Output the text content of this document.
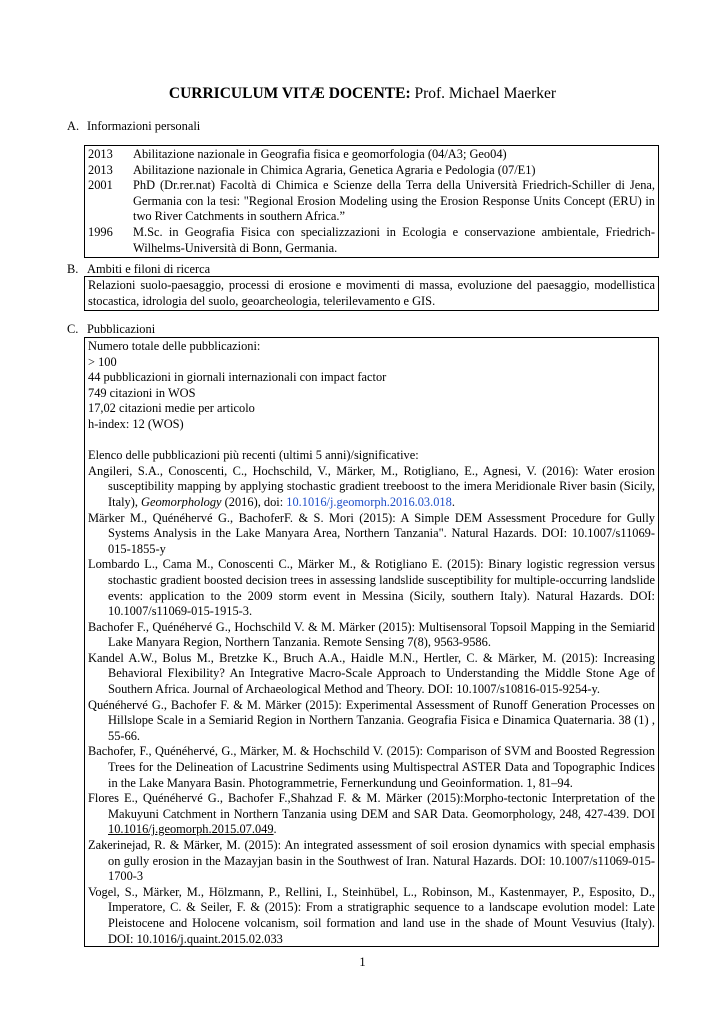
CURRICULUM VITÆ DOCENTE: Prof. Michael Maerker
A. Informazioni personali
2013	Abilitazione nazionale in Geografia fisica e geomorfologia (04/A3; Geo04)
2013	Abilitazione nazionale in Chimica Agraria, Genetica Agraria e Pedologia (07/E1)
2001	PhD (Dr.rer.nat) Facoltà di Chimica e Scienze della Terra della Università Friedrich-Schiller di Jena, Germania con la tesi: "Regional Erosion Modeling using the Erosion Response Units Concept (ERU) in two River Catchments in southern Africa.”
1996	M.Sc. in Geografia Fisica con specializzazioni in Ecologia e conservazione ambientale, Friedrich-Wilhelms-Università di Bonn, Germania.
B. Ambiti e filoni di ricerca
Relazioni suolo-paesaggio, processi di erosione e movimenti di massa, evoluzione del paesaggio, modellistica stocastica, idrologia del suolo, geoarcheologia, telerilevamento e GIS.
C. Pubblicazioni
Numero totale delle pubblicazioni:
> 100
44 pubblicazioni in giornali internazionali con impact factor
749 citazioni in WOS
17,02 citazioni medie per articolo
h-index: 12 (WOS)
Elenco delle pubblicazioni più recenti (ultimi 5 anni)/significative:
Angileri, S.A., Conoscenti, C., Hochschild, V., Märker, M., Rotigliano, E., Agnesi, V. (2016): Water erosion susceptibility mapping by applying stochastic gradient treeboost to the imera Meridionale River basin (Sicily, Italy), Geomorphology (2016), doi: 10.1016/j.geomorph.2016.03.018.
Märker M., Quénéhervé G., BachoferF. & S. Mori (2015): A Simple DEM Assessment Procedure for Gully Systems Analysis in the Lake Manyara Area, Northern Tanzania". Natural Hazards. DOI: 10.1007/s11069-015-1855-y
Lombardo L., Cama M., Conoscenti C., Märker M., & Rotigliano E. (2015): Binary logistic regression versus stochastic gradient boosted decision trees in assessing landslide susceptibility for multiple-occurring landslide events: application to the 2009 storm event in Messina (Sicily, southern Italy). Natural Hazards. DOI: 10.1007/s11069-015-1915-3.
Bachofer F., Quénéhervé G., Hochschild V. & M. Märker (2015): Multisensoral Topsoil Mapping in the Semiarid Lake Manyara Region, Northern Tanzania. Remote Sensing 7(8), 9563-9586.
Kandel A.W., Bolus M., Bretzke K., Bruch A.A., Haidle M.N., Hertler, C. & Märker, M. (2015): Increasing Behavioral Flexibility? An Integrative Macro-Scale Approach to Understanding the Middle Stone Age of Southern Africa. Journal of Archaeological Method and Theory. DOI: 10.1007/s10816-015-9254-y.
Quénéhervé G., Bachofer F. & M. Märker (2015): Experimental Assessment of Runoff Generation Processes on Hillslope Scale in a Semiarid Region in Northern Tanzania. Geografia Fisica e Dinamica Quaternaria. 38 (1) , 55-66.
Bachofer, F., Quénéhervé, G., Märker, M. & Hochschild V. (2015): Comparison of SVM and Boosted Regression Trees for the Delineation of Lacustrine Sediments using Multispectral ASTER Data and Topographic Indices in the Lake Manyara Basin. Photogrammetrie, Fernerkundung und Geoinformation. 1, 81–94.
Flores E., Quénéhervé G., Bachofer F.,Shahzad F. & M. Märker (2015):Morpho-tectonic Interpretation of the Makuyuni Catchment in Northern Tanzania using DEM and SAR Data. Geomorphology, 248, 427-439. DOI 10.1016/j.geomorph.2015.07.049.
Zakerinejad, R. & Märker, M. (2015): An integrated assessment of soil erosion dynamics with special emphasis on gully erosion in the Mazayjan basin in the Southwest of Iran. Natural Hazards. DOI: 10.1007/s11069-015-1700-3
Vogel, S., Märker, M., Hölzmann, P., Rellini, I., Steinhübel, L., Robinson, M., Kastenmayer, P., Esposito, D., Imperatore, C. & Seiler, F. & (2015): From a stratigraphic sequence to a landscape evolution model: Late Pleistocene and Holocene volcanism, soil formation and land use in the shade of Mount Vesuvius (Italy). DOI: 10.1016/j.quaint.2015.02.033
1
